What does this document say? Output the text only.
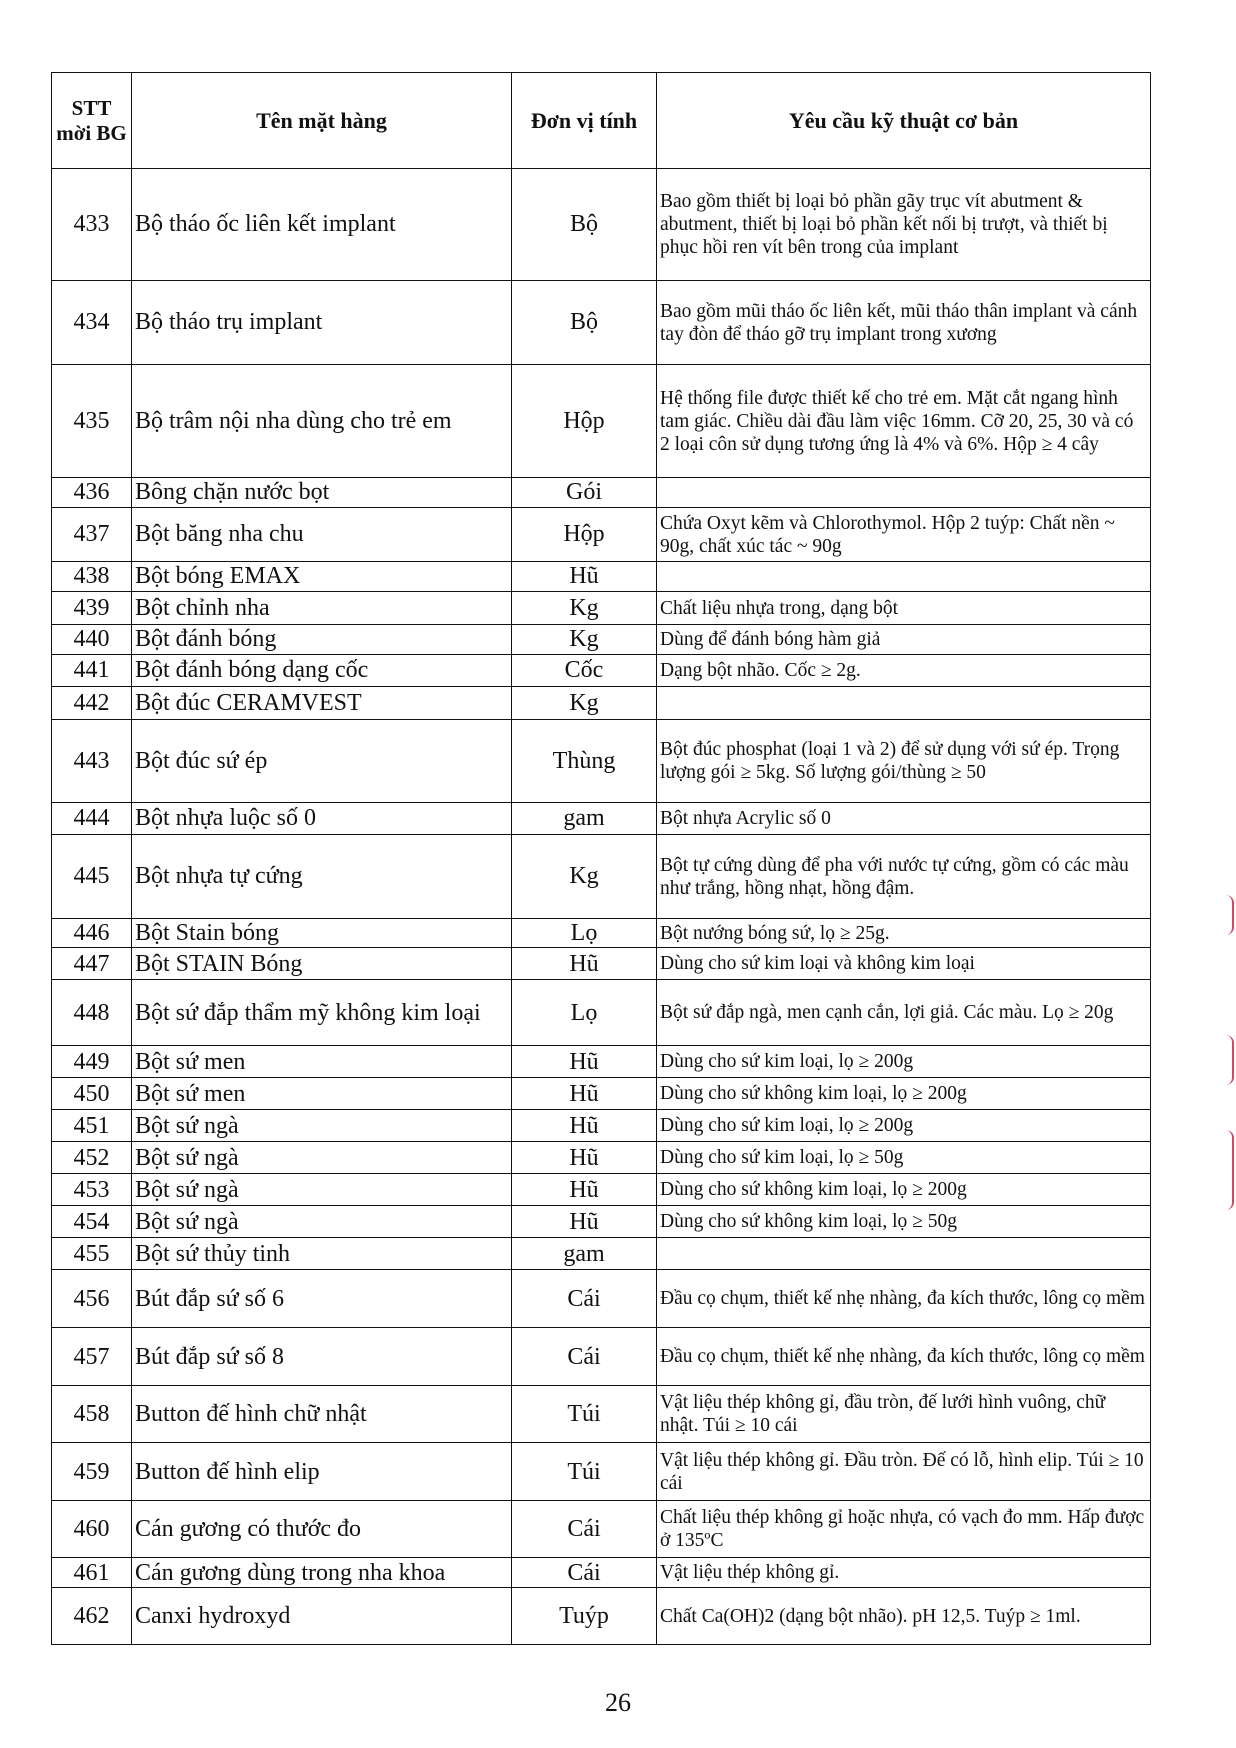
STT mời BG	Tên mặt hàng	Đơn vị tính	Yêu cầu kỹ thuật cơ bản
433	Bộ tháo ốc liên kết implant	Bộ	Bao gồm thiết bị loại bỏ phần gãy trục vít abutment & abutment, thiết bị loại bỏ phần kết nối bị trượt, và thiết bị phục hồi ren vít bên trong của implant
434	Bộ tháo trụ implant	Bộ	Bao gồm mũi tháo ốc liên kết, mũi tháo thân implant và cánh tay đòn để tháo gỡ trụ implant trong xương
435	Bộ trâm nội nha dùng cho trẻ em	Hộp	Hệ thống file được thiết kế cho trẻ em. Mặt cắt ngang hình tam giác. Chiều dài đầu làm việc 16mm. Cỡ 20, 25, 30 và có 2 loại côn sử dụng tương ứng là 4% và 6%. Hộp ≥ 4 cây
436	Bông chặn nước bọt	Gói	
437	Bột băng nha chu	Hộp	Chứa Oxyt kẽm và Chlorothymol. Hộp 2 tuýp: Chất nền ~ 90g, chất xúc tác ~ 90g
438	Bột bóng EMAX	Hũ	
439	Bột chỉnh nha	Kg	Chất liệu nhựa trong, dạng bột
440	Bột đánh bóng	Kg	Dùng để đánh bóng hàm giả
441	Bột đánh bóng dạng cốc	Cốc	Dạng bột nhão. Cốc ≥ 2g.
442	Bột đúc CERAMVEST	Kg	
443	Bột đúc sứ ép	Thùng	Bột đúc phosphat (loại 1 và 2) để sử dụng với sứ ép. Trọng lượng gói ≥ 5kg. Số lượng gói/thùng ≥ 50
444	Bột nhựa luộc số 0	gam	Bột nhựa Acrylic số 0
445	Bột nhựa tự cứng	Kg	Bột tự cứng dùng để pha với nước tự cứng, gồm có các màu như trắng, hồng nhạt, hồng đậm.
446	Bột Stain bóng	Lọ	Bột nướng bóng sứ, lọ ≥ 25g.
447	Bột STAIN Bóng	Hũ	Dùng cho sứ kim loại và không kim loại
448	Bột sứ đắp thẩm mỹ không kim loại	Lọ	Bột sứ đắp ngà, men cạnh cắn, lợi giả. Các màu. Lọ ≥ 20g
449	Bột sứ men	Hũ	Dùng cho sứ kim loại, lọ ≥ 200g
450	Bột sứ men	Hũ	Dùng cho sứ không kim loại, lọ ≥ 200g
451	Bột sứ ngà	Hũ	Dùng cho sứ kim loại, lọ ≥ 200g
452	Bột sứ ngà	Hũ	Dùng cho sứ kim loại, lọ ≥ 50g
453	Bột sứ ngà	Hũ	Dùng cho sứ không kim loại, lọ ≥ 200g
454	Bột sứ ngà	Hũ	Dùng cho sứ không kim loại, lọ ≥ 50g
455	Bột sứ thủy tinh	gam	
456	Bút đắp sứ số 6	Cái	Đầu cọ chụm, thiết kế nhẹ nhàng, đa kích thước, lông cọ mềm
457	Bút đắp sứ số 8	Cái	Đầu cọ chụm, thiết kế nhẹ nhàng, đa kích thước, lông cọ mềm
458	Button đế hình chữ nhật	Túi	Vật liệu thép không gỉ, đầu tròn, đế lưới hình vuông, chữ nhật. Túi ≥ 10 cái
459	Button đế hình elip	Túi	Vật liệu thép không gỉ. Đầu tròn. Đế có lỗ, hình elip. Túi ≥ 10 cái
460	Cán gương có thước đo	Cái	Chất liệu thép không gỉ hoặc nhựa, có vạch đo mm. Hấp được ở 135ºC
461	Cán gương dùng trong nha khoa	Cái	Vật liệu thép không gỉ.
462	Canxi hydroxyd	Tuýp	Chất Ca(OH)2 (dạng bột nhão). pH 12,5. Tuýp ≥ 1ml.
26
